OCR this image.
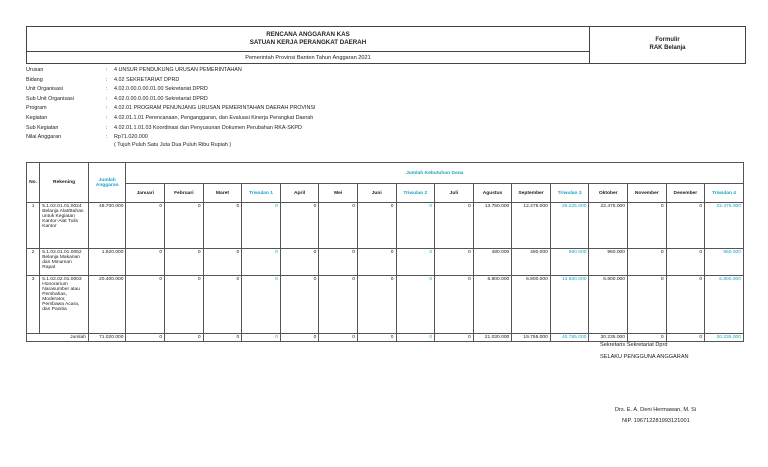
RENCANA ANGGARAN KAS
SATUAN KERJA PERANGKAT DAERAH
Pemerintah Provinsi Banten Tahun Anggaran 2021
Formulir
RAK Belanja
Urusan	: 4 UNSUR PENDUKUNG URUSAN PEMERINTAHAN
Bidang	: 4.02 SEKRETARIAT DPRD
Unit Organisasi	: 4.02.0.00.0.00.01.00 Sekretariat DPRD
Sub Unit Organisasi	: 4.02.0.00.0.00.01.00 Sekretariat DPRD
Program	: 4.02.01 PROGRAM PENUNJANG URUSAN PEMERINTAHAN DAERAH PROVINSI
Kegiatan	: 4.02.01.1.01 Perencanaan, Penganggaran, dan Evaluasi Kinerja Perangkat Daerah
Sub Kegiatan	: 4.02.01.1.01.03 Koordinasi dan Penyusunan Dokumen Perubahan RKA-SKPD
Nilai Anggaran	: Rp71.020.000
( Tujuh Puluh Satu Juta Dua Puluh Ribu Rupiah )
No.	Rekening	Jumlah Anggaran	Jumlah Kebutuhan Dana															
			Januari	Februari	Maret	Triwulan 1	April	Mei	Juni	Triwulan 2	Juli	Agustus	September	Triwulan 3	Oktober	November	Desember	Triwulan 4
1	5.1.02.01.01.0024 Belanja Alat/Bahan untuk Kegiatan Kantor-Alat Tulis Kantor	48.700.000	0	0	0	0	0	0	0	0	0	13.750.000	12.475.000	26.225.000	22.475.000	0	0	22.475.000
2	5.1.02.01.01.0052 Belanja Makanan dan Minuman Rapat	1.920.000	0	0	0	0	0	0	0	0	0	480.000	480.000	960.000	960.000	0	0	960.000
3	5.1.02.02.01.0003 Honorarium Narasumber atau Pembahas, Moderator, Pembawa Acara, dan Panitia	20.400.000	0	0	0	0	0	0	0	0	0	6.800.000	6.800.000	13.600.000	6.800.000	0	0	6.800.000
Jumlah		71.020.000	0	0	0	0	0	0	0	0	0	21.030.000	19.755.000	40.785.000	30.235.000	0	0	30.235.000
Sekretaris Sekretariat Dprd
SELAKU PENGGUNA ANGGARAN
Drs. E. A. Deni Hermawan, M. Si
NIP. 196712281993121001
